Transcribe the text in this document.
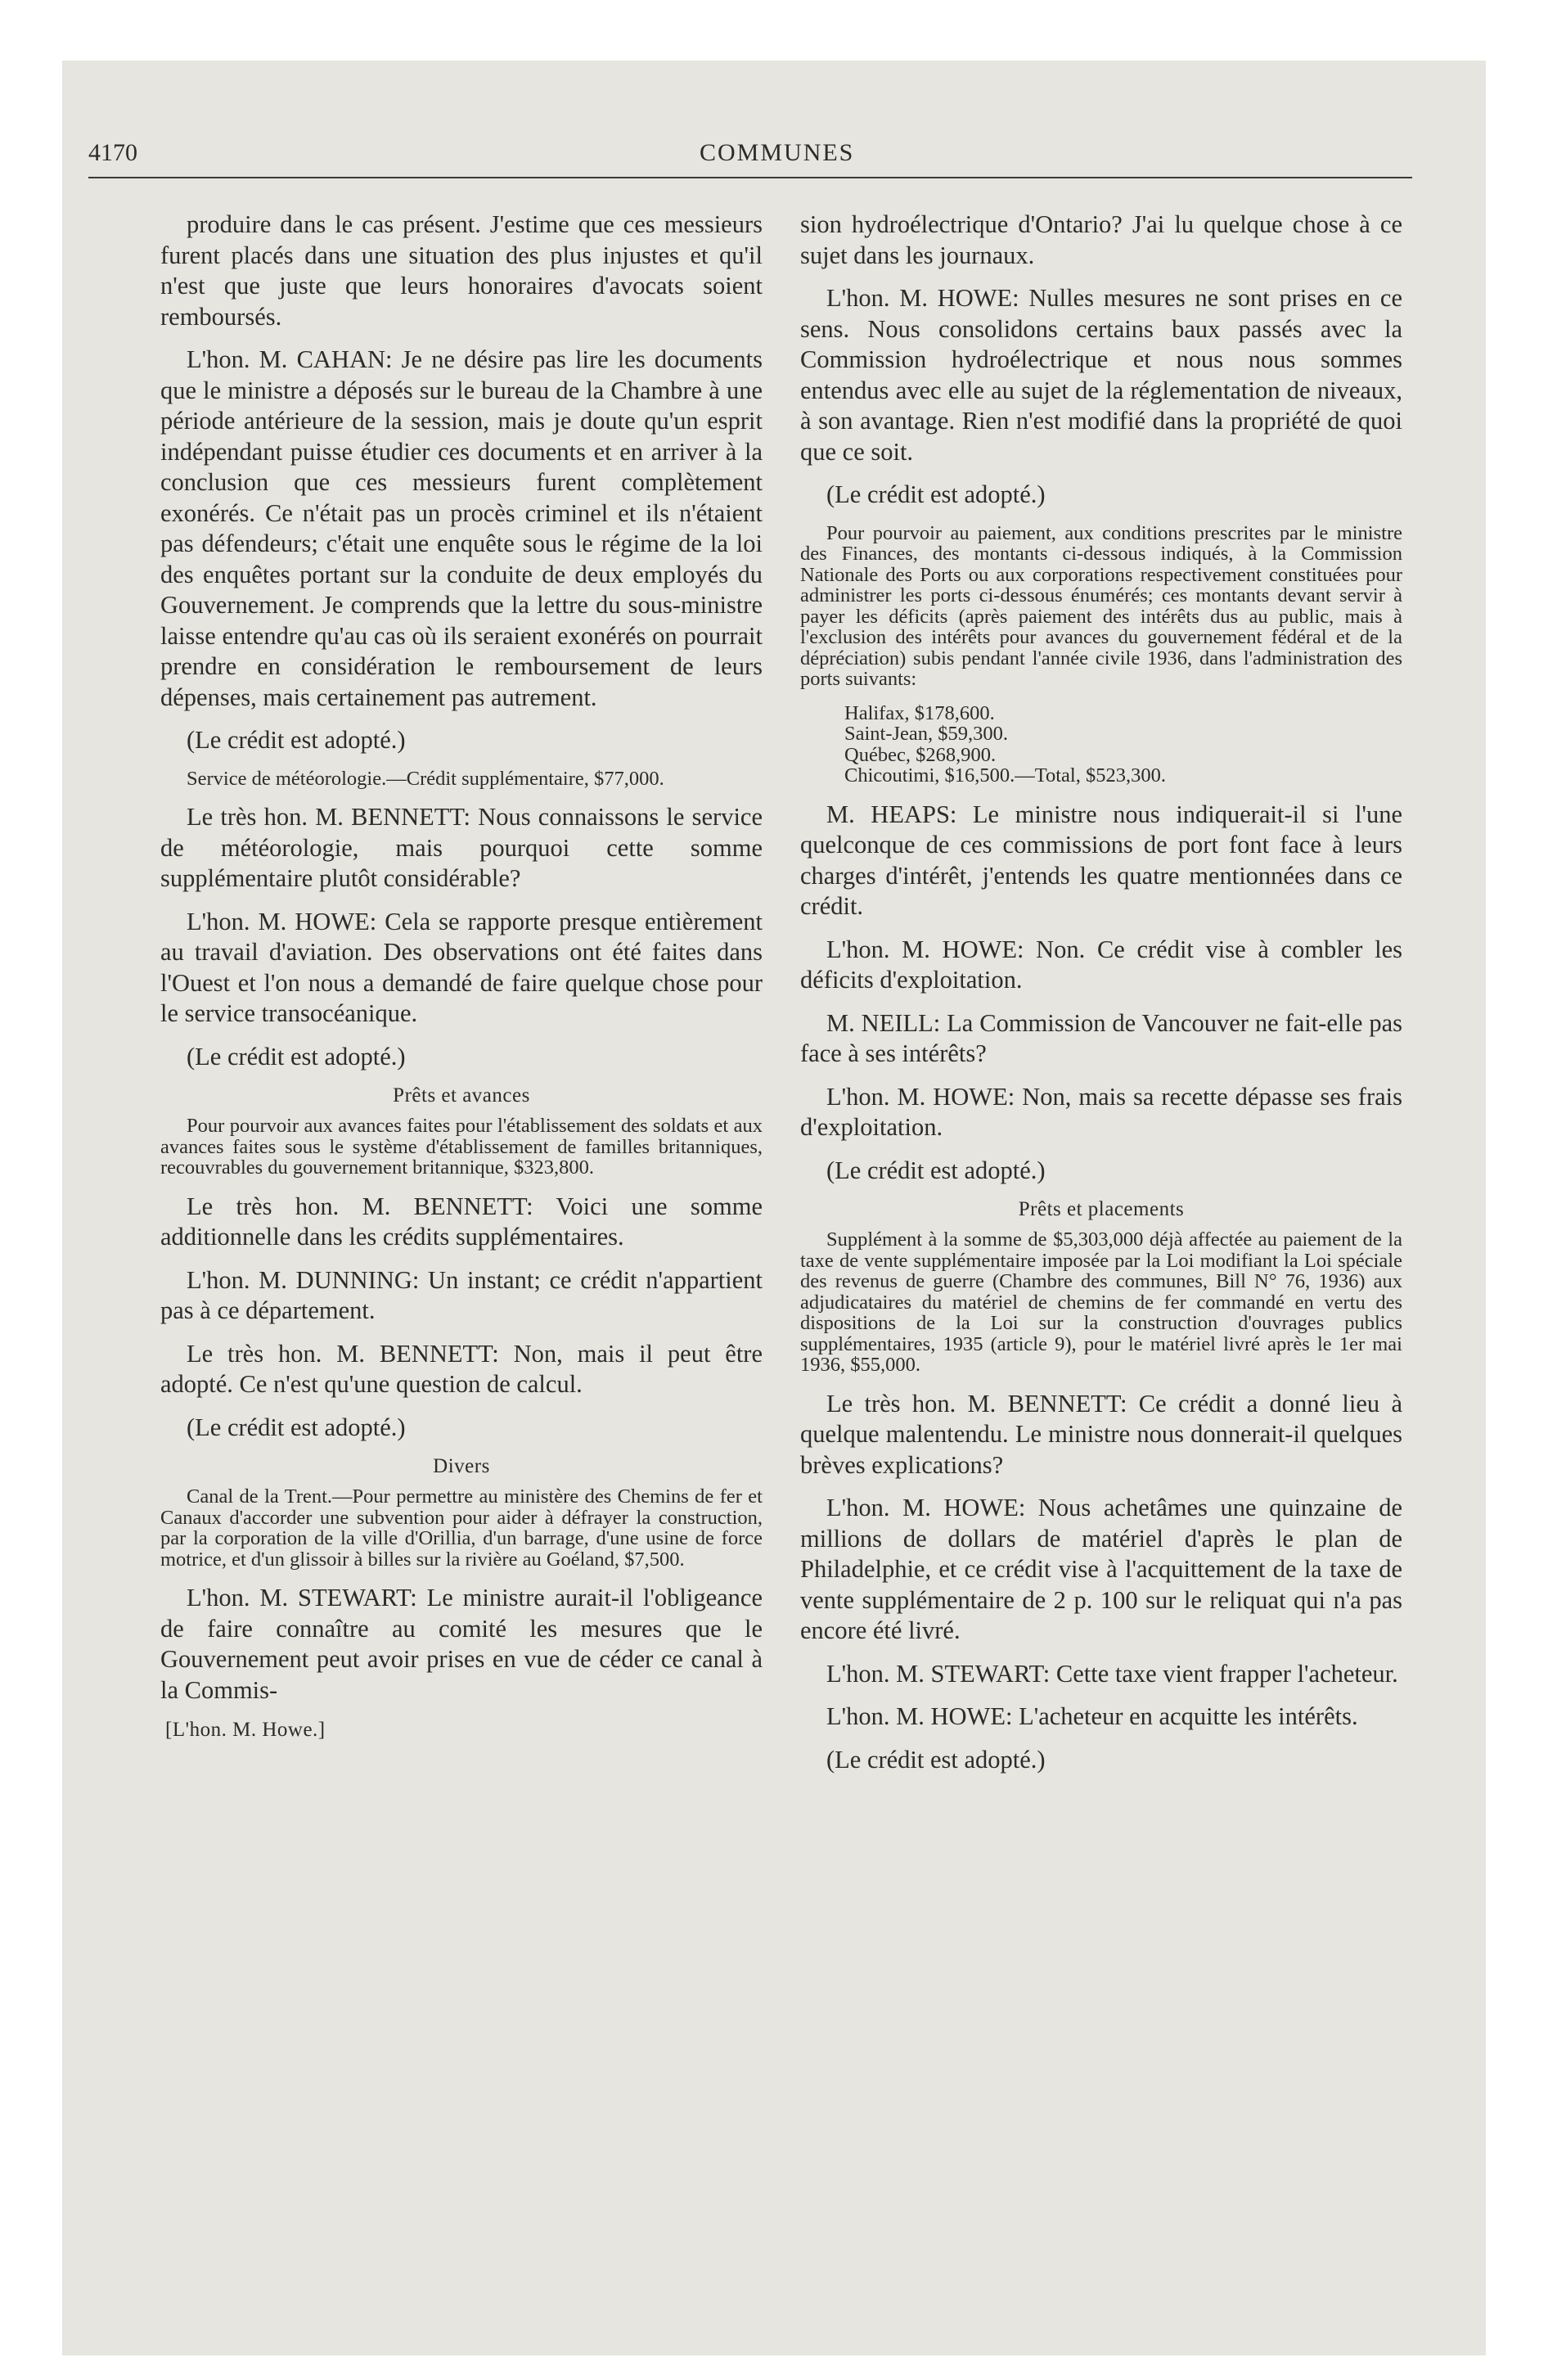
4170	COMMUNES
produire dans le cas présent. J'estime que ces messieurs furent placés dans une situation des plus injustes et qu'il n'est que juste que leurs honoraires d'avocats soient remboursés.
L'hon. M. CAHAN: Je ne désire pas lire les documents que le ministre a déposés sur le bureau de la Chambre à une période antérieure de la session, mais je doute qu'un esprit indépendant puisse étudier ces documents et en arriver à la conclusion que ces messieurs furent complètement exonérés. Ce n'était pas un procès criminel et ils n'étaient pas défendeurs; c'était une enquête sous le régime de la loi des enquêtes portant sur la conduite de deux employés du Gouvernement. Je comprends que la lettre du sous-ministre laisse entendre qu'au cas où ils seraient exonérés on pourrait prendre en considération le remboursement de leurs dépenses, mais certainement pas autrement.
(Le crédit est adopté.)
Service de météorologie.—Crédit supplémentaire, $77,000.
Le très hon. M. BENNETT: Nous connaissons le service de météorologie, mais pourquoi cette somme supplémentaire plutôt considérable?
L'hon. M. HOWE: Cela se rapporte presque entièrement au travail d'aviation. Des observations ont été faites dans l'Ouest et l'on nous a demandé de faire quelque chose pour le service transocéanique.
(Le crédit est adopté.)
Prêts et avances
Pour pourvoir aux avances faites pour l'établissement des soldats et aux avances faites sous le système d'établissement de familles britanniques, recouvrables du gouvernement britannique, $323,800.
Le très hon. M. BENNETT: Voici une somme additionnelle dans les crédits supplémentaires.
L'hon. M. DUNNING: Un instant; ce crédit n'appartient pas à ce département.
Le très hon. M. BENNETT: Non, mais il peut être adopté. Ce n'est qu'une question de calcul.
(Le crédit est adopté.)
Divers
Canal de la Trent.—Pour permettre au ministère des Chemins de fer et Canaux d'accorder une subvention pour aider à défrayer la construction, par la corporation de la ville d'Orillia, d'un barrage, d'une usine de force motrice, et d'un glissoir à billes sur la rivière au Goéland, $7,500.
L'hon. M. STEWART: Le ministre aurait-il l'obligeance de faire connaître au comité les mesures que le Gouvernement peut avoir prises en vue de céder ce canal à la Commis-
[L'hon. M. Howe.]
sion hydroélectrique d'Ontario? J'ai lu quelque chose à ce sujet dans les journaux.
L'hon. M. HOWE: Nulles mesures ne sont prises en ce sens. Nous consolidons certains baux passés avec la Commission hydroélectrique et nous nous sommes entendus avec elle au sujet de la réglementation de niveaux, à son avantage. Rien n'est modifié dans la propriété de quoi que ce soit.
(Le crédit est adopté.)
Pour pourvoir au paiement, aux conditions prescrites par le ministre des Finances, des montants ci-dessous indiqués, à la Commission Nationale des Ports ou aux corporations respectivement constituées pour administrer les ports ci-dessous énumérés; ces montants devant servir à payer les déficits (après paiement des intérêts dus au public, mais à l'exclusion des intérêts pour avances du gouvernement fédéral et de la dépréciation) subis pendant l'année civile 1936, dans l'administration des ports suivants:
Halifax, $178,600.
Saint-Jean, $59,300.
Québec, $268,900.
Chicoutimi, $16,500.—Total, $523,300.
M. HEAPS: Le ministre nous indiquerait-il si l'une quelconque de ces commissions de port font face à leurs charges d'intérêt, j'entends les quatre mentionnées dans ce crédit.
L'hon. M. HOWE: Non. Ce crédit vise à combler les déficits d'exploitation.
M. NEILL: La Commission de Vancouver ne fait-elle pas face à ses intérêts?
L'hon. M. HOWE: Non, mais sa recette dépasse ses frais d'exploitation.
(Le crédit est adopté.)
Prêts et placements
Supplément à la somme de $5,303,000 déjà affectée au paiement de la taxe de vente supplémentaire imposée par la Loi modifiant la Loi spéciale des revenus de guerre (Chambre des communes, Bill N° 76, 1936) aux adjudicataires du matériel de chemins de fer commandé en vertu des dispositions de la Loi sur la construction d'ouvrages publics supplémentaires, 1935 (article 9), pour le matériel livré après le 1er mai 1936, $55,000.
Le très hon. M. BENNETT: Ce crédit a donné lieu à quelque malentendu. Le ministre nous donnerait-il quelques brèves explications?
L'hon. M. HOWE: Nous achetâmes une quinzaine de millions de dollars de matériel d'après le plan de Philadelphie, et ce crédit vise à l'acquittement de la taxe de vente supplémentaire de 2 p. 100 sur le reliquat qui n'a pas encore été livré.
L'hon. M. STEWART: Cette taxe vient frapper l'acheteur.
L'hon. M. HOWE: L'acheteur en acquitte les intérêts.
(Le crédit est adopté.)
